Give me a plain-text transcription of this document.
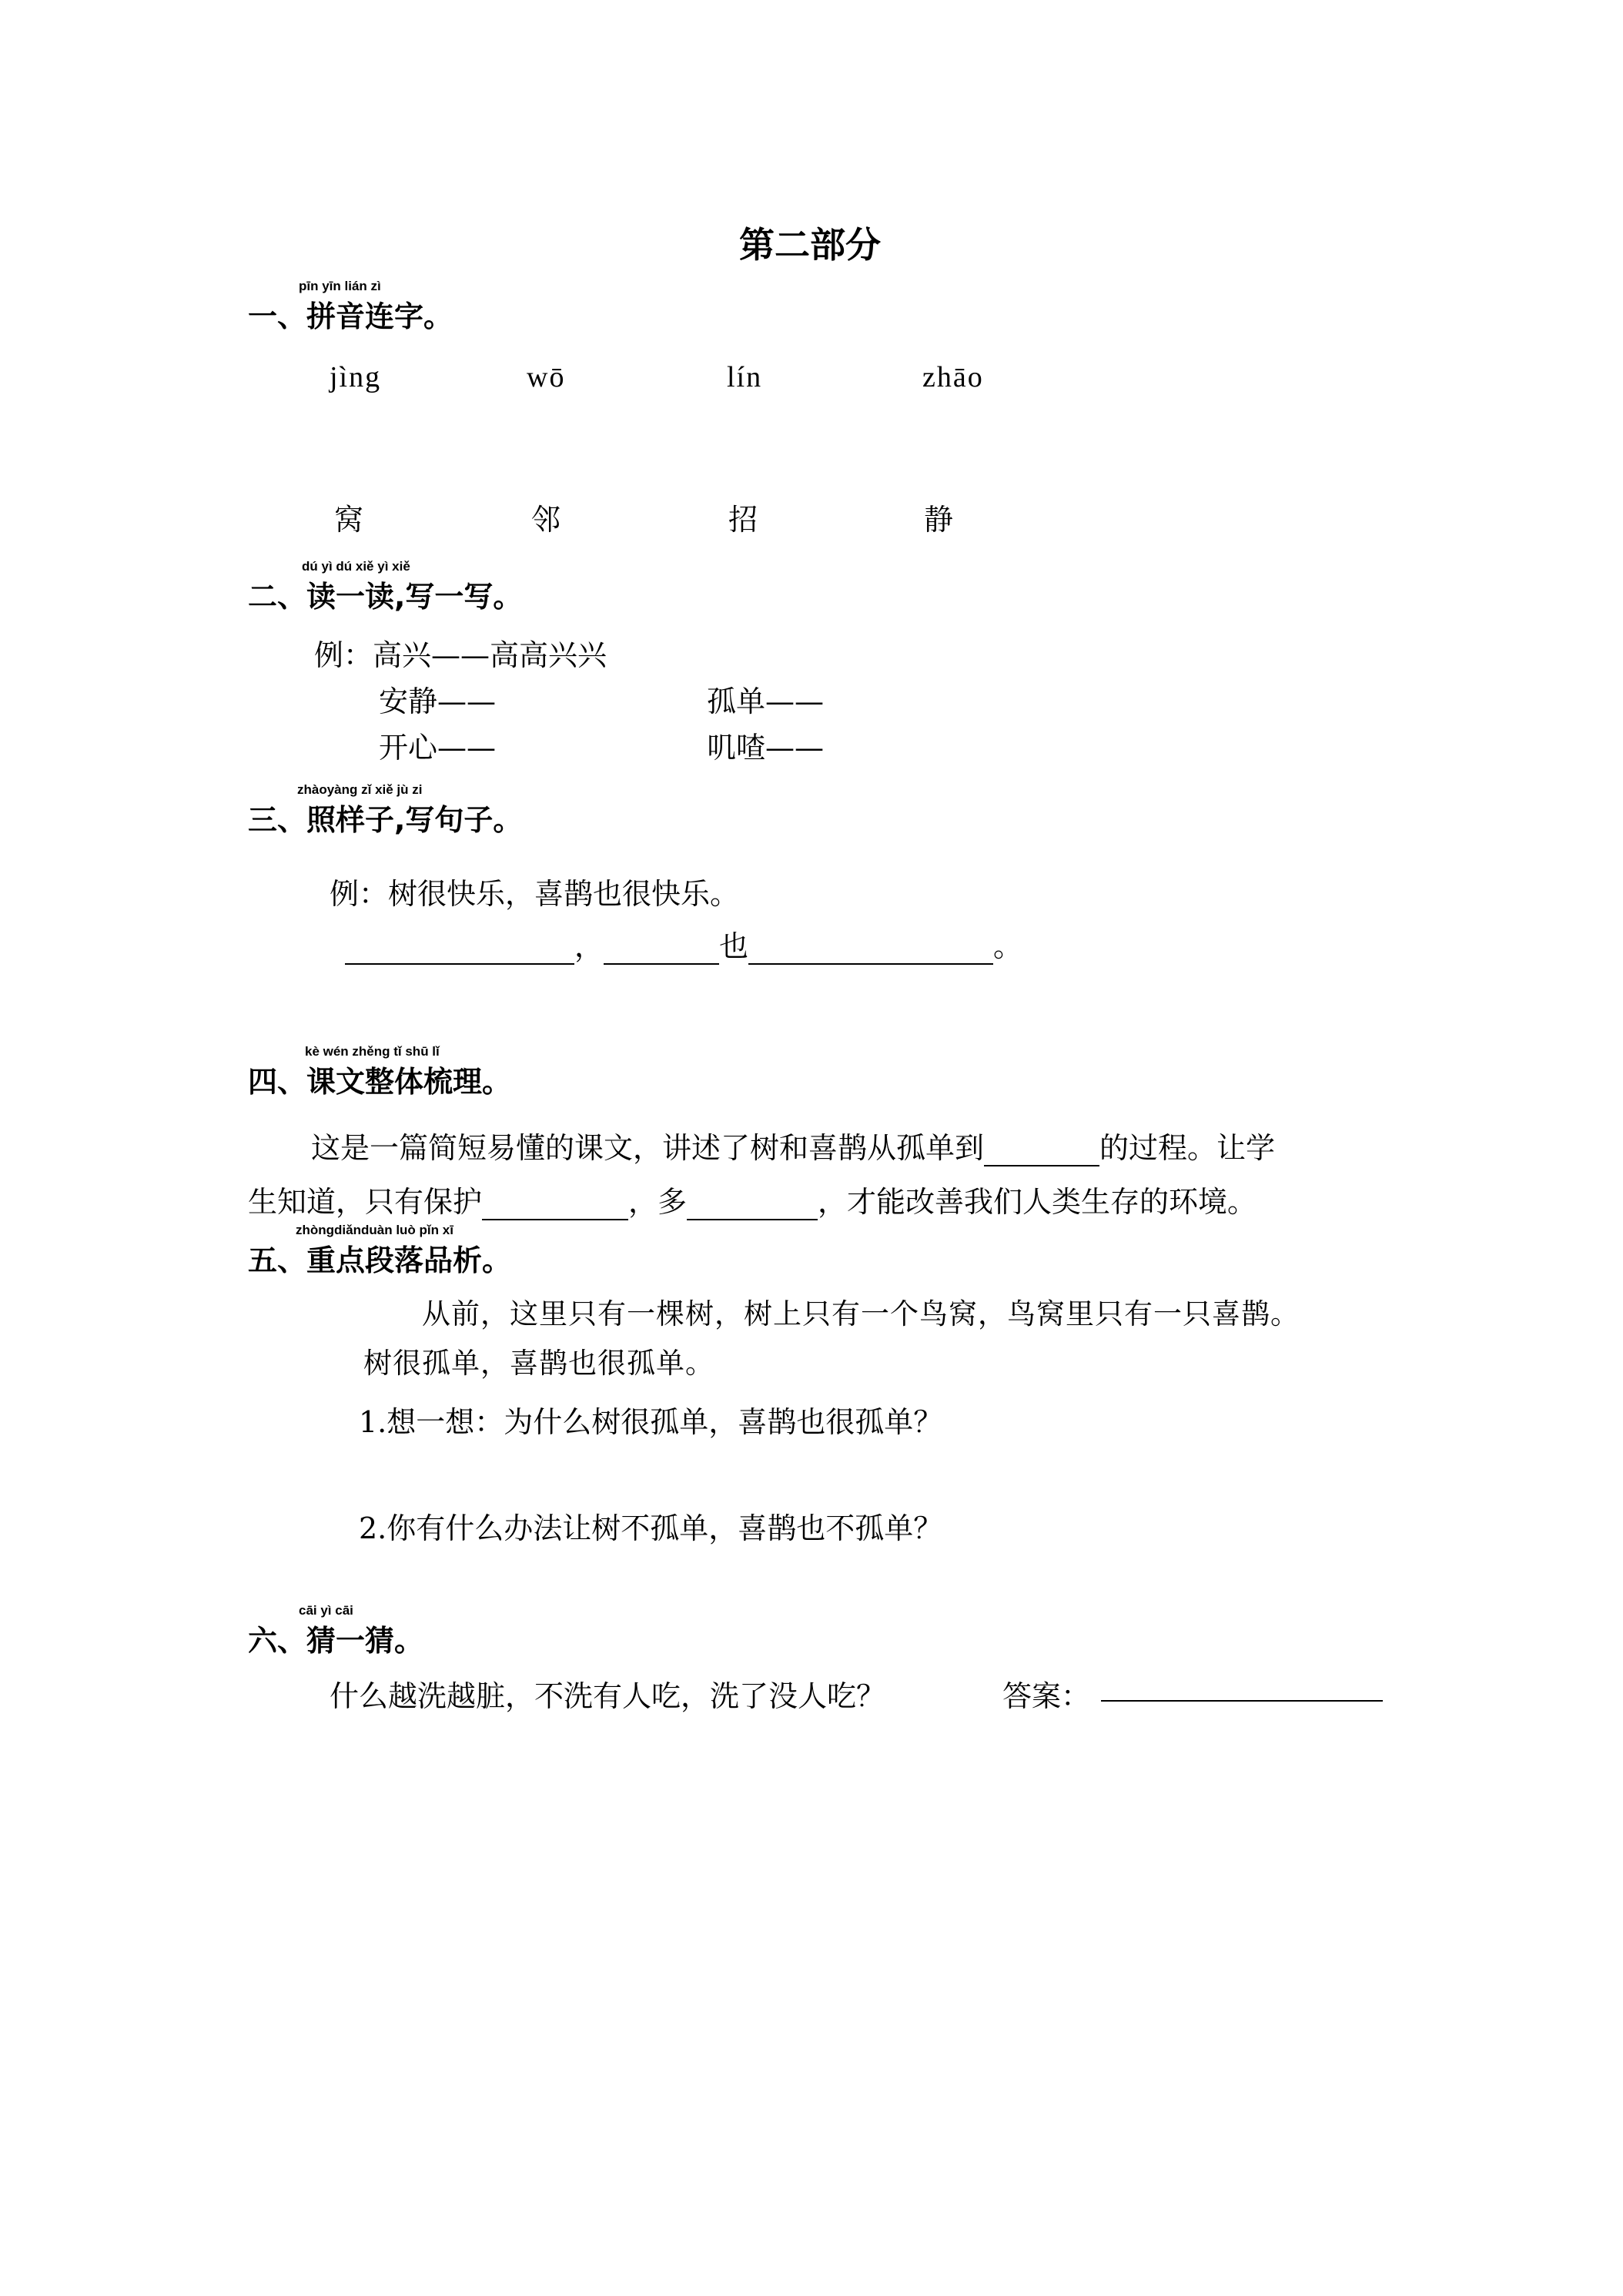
第二部分
pīn yīn lián zì
一、拼音连字。
jìng	wō	lín	zhāo
窝	邻	招	静
dú yì dú xiě yì xiě
二、读一读,写一写。
例：高兴——高高兴兴
安静——	孤单——
开心——	叽喳——
zhàoyàng zǐ xiě jù zi
三、照样子,写句子。
例：树很快乐，喜鹊也很快乐。
，	也	。
kè wén zhěng tǐ shū lǐ
四、课文整体梳理。
这是一篇简短易懂的课文，讲述了树和喜鹊从孤单到	的过程。让学
生知道，只有保护	，多	，才能改善我们人类生存的环境。
zhòngdiǎnduàn luò pǐn xī
五、重点段落品析。
从前，这里只有一棵树，树上只有一个鸟窝，鸟窝里只有一只喜鹊。
树很孤单，喜鹊也很孤单。
1.想一想：为什么树很孤单，喜鹊也很孤单？
2.你有什么办法让树不孤单，喜鹊也不孤单？
cāi yì cāi
六、猜一猜。
什么越洗越脏，不洗有人吃，洗了没人吃？	答案：
